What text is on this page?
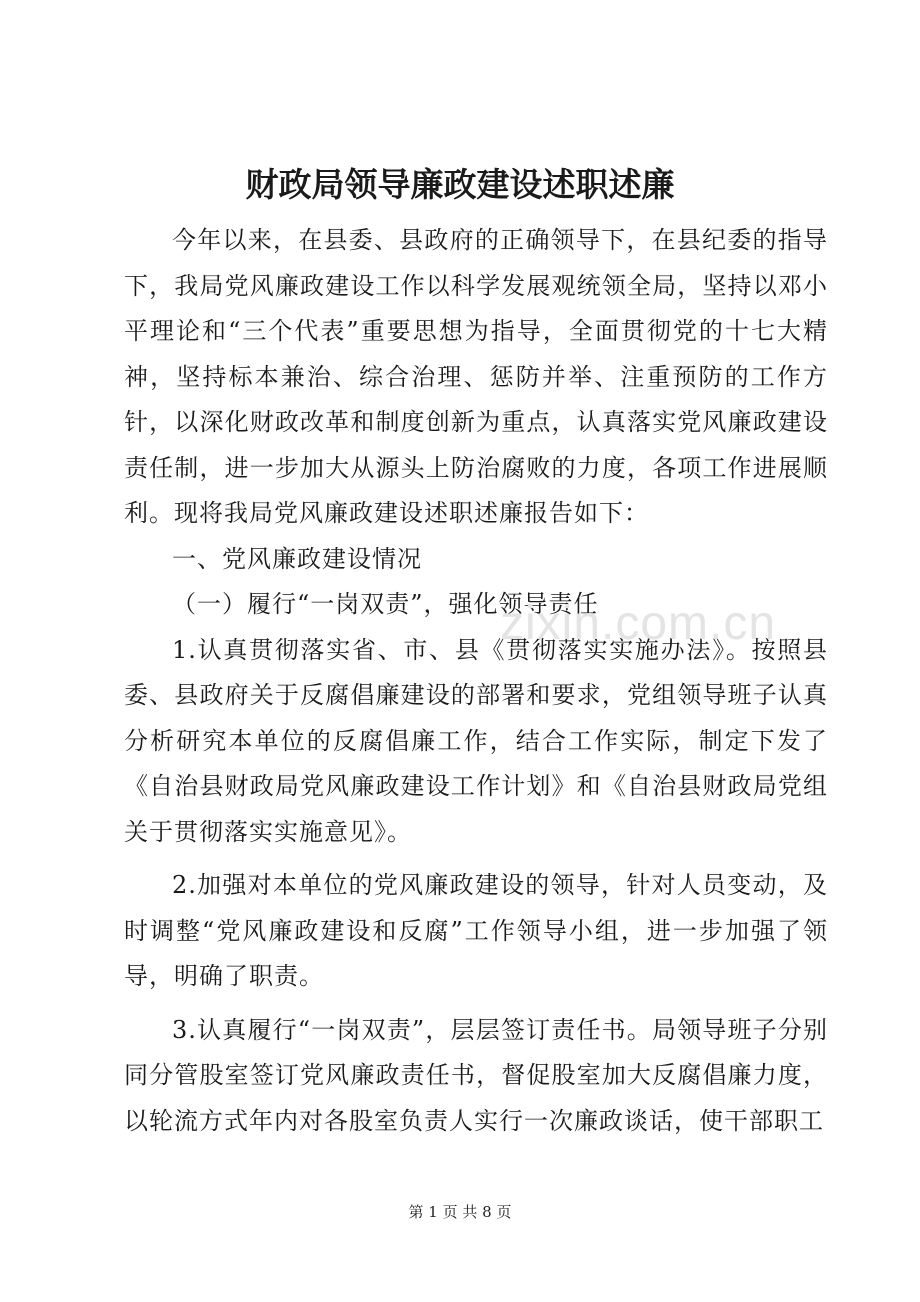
财政局领导廉政建设述职述廉

今年以来，在县委、县政府的正确领导下，在县纪委的指导下，我局党风廉政建设工作以科学发展观统领全局，坚持以邓小平理论和“三个代表”重要思想为指导，全面贯彻党的十七大精神，坚持标本兼治、综合治理、惩防并举、注重预防的工作方针，以深化财政改革和制度创新为重点，认真落实党风廉政建设责任制，进一步加大从源头上防治腐败的力度，各项工作进展顺利。现将我局党风廉政建设述职述廉报告如下：

一、党风廉政建设情况

（一）履行“一岗双责”，强化领导责任

1.认真贯彻落实省、市、县《贯彻落实实施办法》。按照县委、县政府关于反腐倡廉建设的部署和要求，党组领导班子认真分析研究本单位的反腐倡廉工作，结合工作实际，制定下发了《自治县财政局党风廉政建设工作计划》和《自治县财政局党组关于贯彻落实实施意见》。

2.加强对本单位的党风廉政建设的领导，针对人员变动，及时调整“党风廉政建设和反腐”工作领导小组，进一步加强了领导，明确了职责。

3.认真履行“一岗双责”，层层签订责任书。局领导班子分别同分管股室签订党风廉政责任书，督促股室加大反腐倡廉力度，以轮流方式年内对各股室负责人实行一次廉政谈话，使干部职工

zixin.com.cn
第 1 页 共 8 页
